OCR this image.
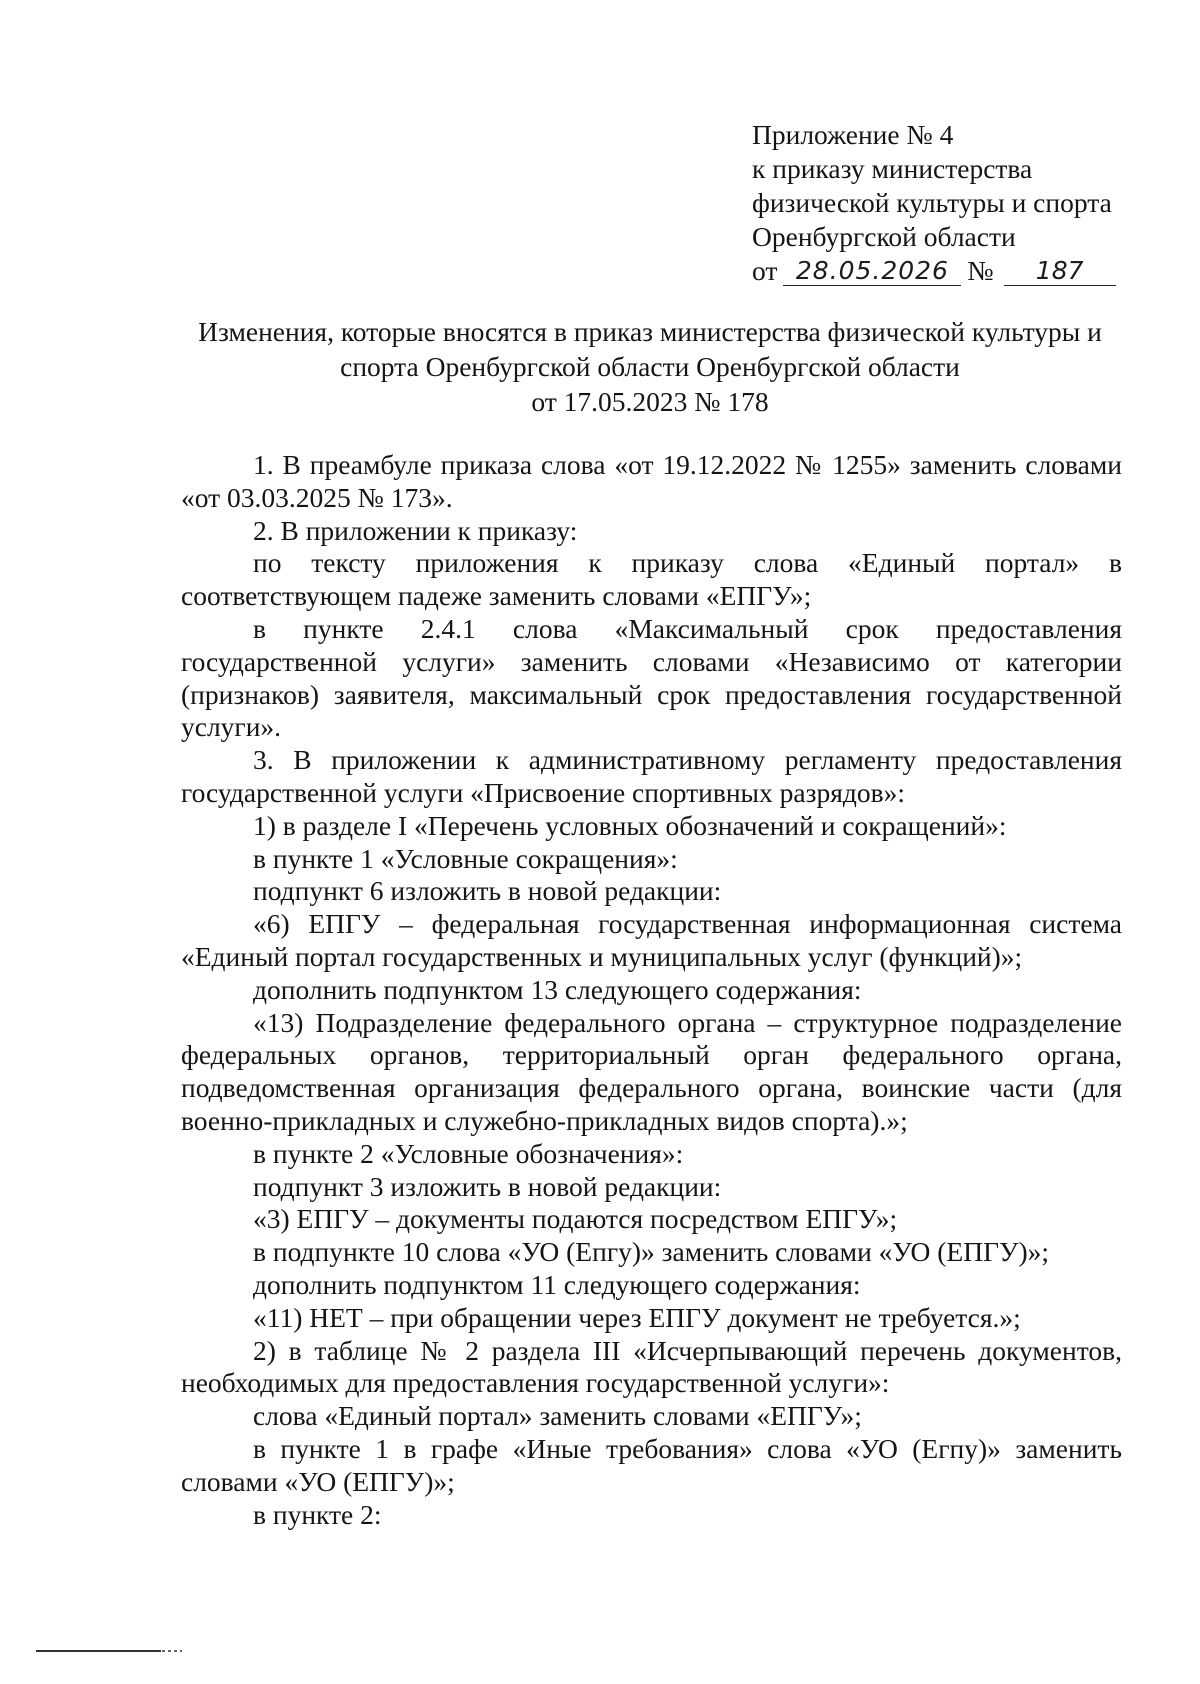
Приложение № 4
к приказу министерства
физической культуры и спорта
Оренбургской области
от 28.05.2026 №	187
Изменения, которые вносятся в приказ министерства физической культуры и
спорта Оренбургской области Оренбургской области
от 17.05.2023 № 178

1. В преамбуле приказа слова «от 19.12.2022 № 1255» заменить словами «от 03.03.2025 № 173».

2. В приложении к приказу:

по тексту приложения к приказу слова «Единый портал» в соответствующем падеже заменить словами «ЕПГУ»;

в пункте 2.4.1 слова «Максимальный срок предоставления государственной услуги» заменить словами «Независимо от категории (признаков) заявителя, максимальный срок предоставления государственной услуги».

3. В приложении к административному регламенту предоставления государственной услуги «Присвоение спортивных разрядов»:

1) в разделе I «Перечень условных обозначений и сокращений»:

в пункте 1 «Условные сокращения»:

подпункт 6 изложить в новой редакции:

«6) ЕПГУ – федеральная государственная информационная система «Единый портал государственных и муниципальных услуг (функций)»;

дополнить подпунктом 13 следующего содержания:

«13) Подразделение федерального органа – структурное подразделение федеральных органов, территориальный орган федерального органа, подведомственная организация федерального органа, воинские части (для военно-прикладных и служебно-прикладных видов спорта).»;

в пункте 2 «Условные обозначения»:

подпункт 3 изложить в новой редакции:

«3) ЕПГУ – документы подаются посредством ЕПГУ»;

в подпункте 10 слова «УО (Епгу)» заменить словами «УО (ЕПГУ)»;

дополнить подпунктом 11 следующего содержания:

«11) НЕТ – при обращении через ЕПГУ документ не требуется.»;

2) в таблице № 2 раздела III «Исчерпывающий перечень документов, необходимых для предоставления государственной услуги»:

слова «Единый портал» заменить словами «ЕПГУ»;

в пункте 1 в графе «Иные требования» слова «УО (Егпу)» заменить словами «УО (ЕПГУ)»;

в пункте 2:
